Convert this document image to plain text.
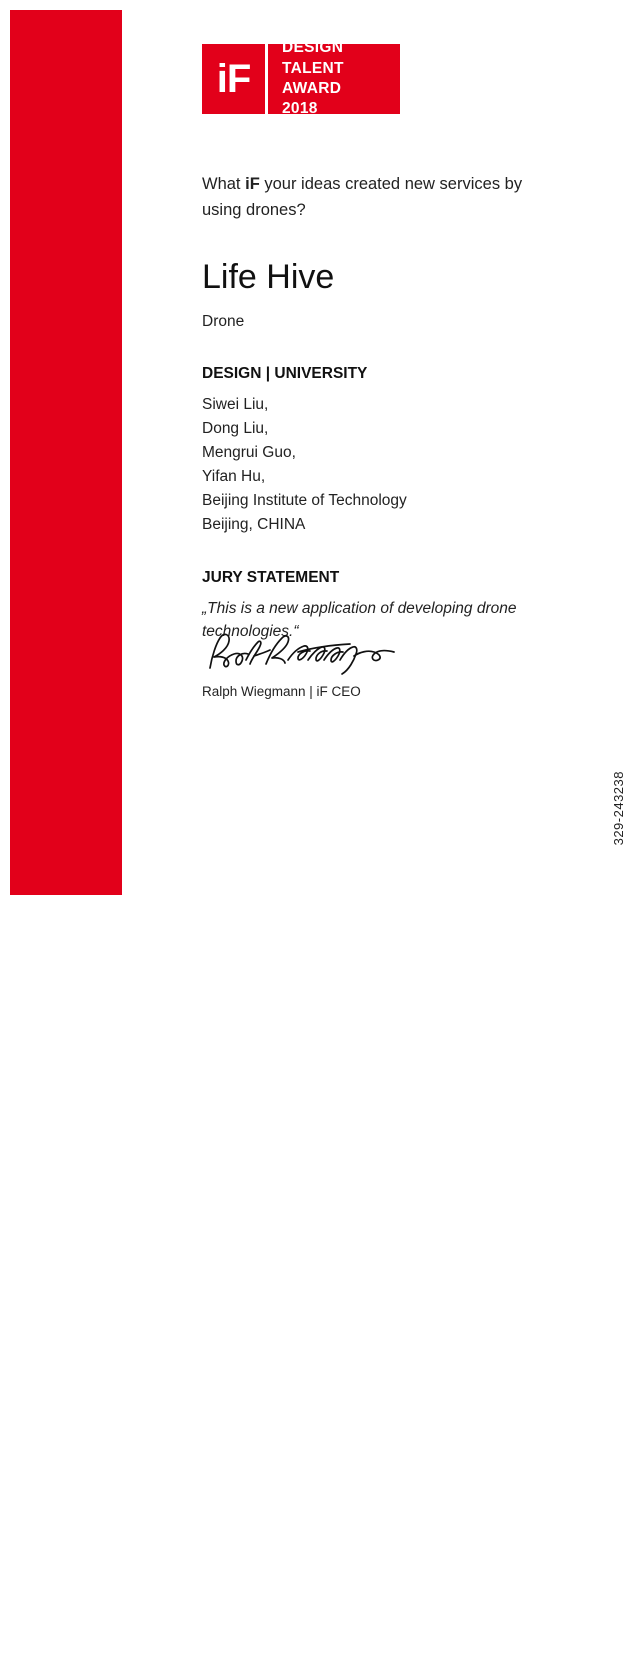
WINNER CERTIFICATE
iF
DESIGN
TALENT AWARD
2018
What iF your ideas created new services by using drones?
Life Hive
Drone
DESIGN | UNIVERSITY
Siwei Liu,
Dong Liu,
Mengrui Guo,
Yifan Hu,
Beijing Institute of Technology
Beijing, CHINA
JURY STATEMENT
„This is a new application of developing drone technologies.“
Ralph Wiegmann | iF CEO
329-243238
